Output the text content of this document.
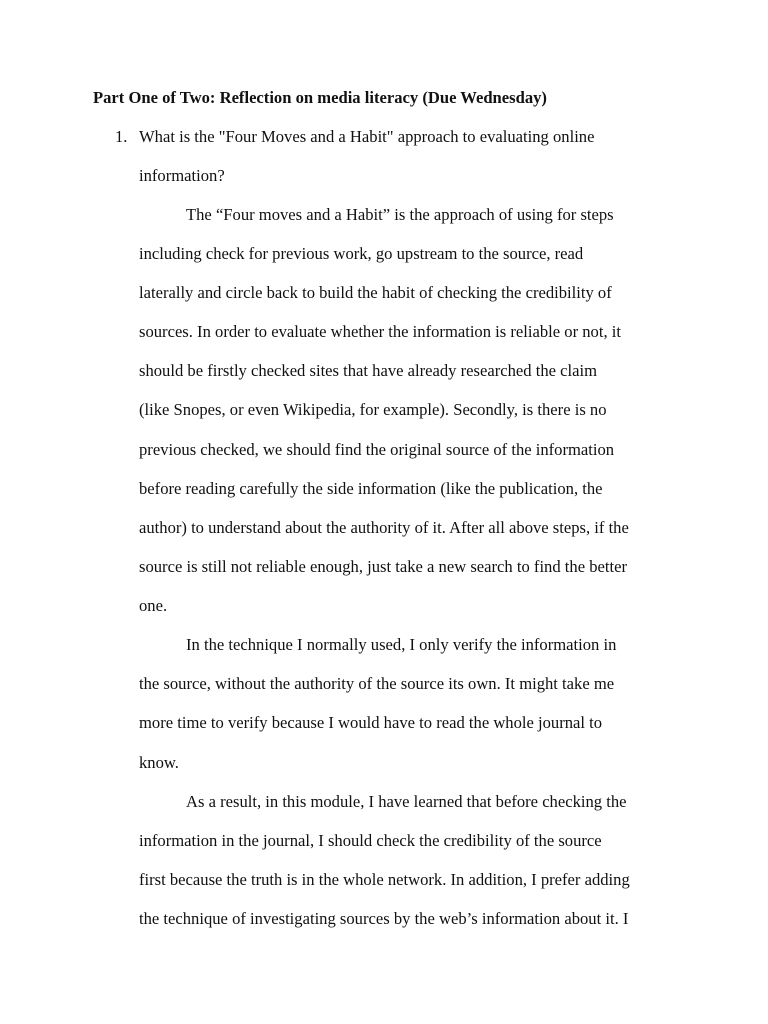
Part One of Two: Reflection on media literacy (Due Wednesday)
1. What is the "Four Moves and a Habit" approach to evaluating online
information?
The “Four moves and a Habit” is the approach of using for steps
including check for previous work, go upstream to the source, read
laterally and circle back to build the habit of checking the credibility of
sources. In order to evaluate whether the information is reliable or not, it
should be firstly checked sites that have already researched the claim
(like Snopes, or even Wikipedia, for example). Secondly, is there is no
previous checked, we should find the original source of the information
before reading carefully the side information (like the publication, the
author) to understand about the authority of it. After all above steps, if the
source is still not reliable enough, just take a new search to find the better
one.
In the technique I normally used, I only verify the information in
the source, without the authority of the source its own. It might take me
more time to verify because I would have to read the whole journal to
know.
As a result, in this module, I have learned that before checking the
information in the journal, I should check the credibility of the source
first because the truth is in the whole network. In addition, I prefer adding
the technique of investigating sources by the web’s information about it. I
